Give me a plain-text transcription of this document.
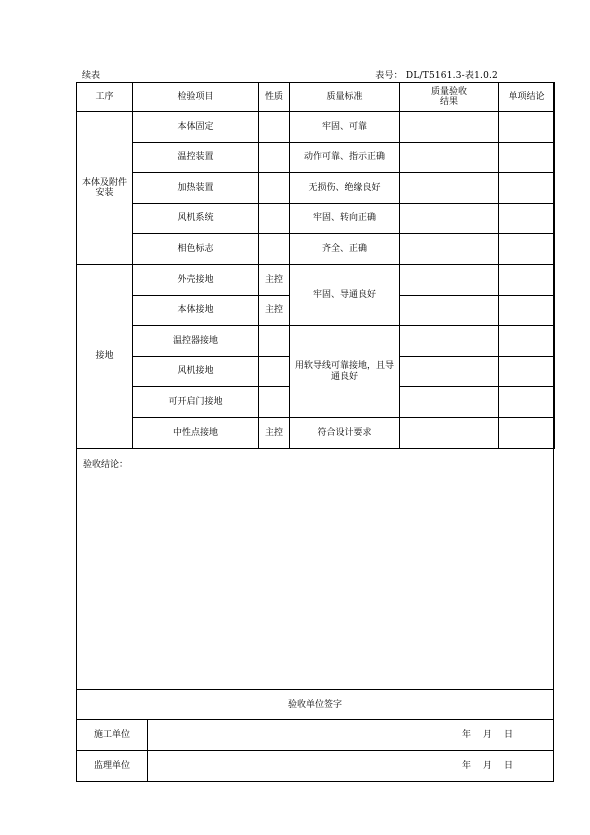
续表	表号： DL/T5161.3-表1.0.2
工序	检验项目	性质	质量标准	质量验收
结果	单项结论
本体及附件
安装	本体固定		牢固、可靠		
	温控装置		动作可靠、指示正确		
	加热装置		无损伤、绝缘良好		
	风机系统		牢固、转向正确		
	相色标志		齐全、正确		
接地	外壳接地	主控	牢固、导通良好		
	本体接地	主控			
	温控器接地		用软导线可靠接地，且导
通良好		
	风机接地				
	可开启门接地				
	中性点接地	主控	符合设计要求		
验收结论：
验收单位签字
施工单位	年 月 日
监理单位	年 月 日
